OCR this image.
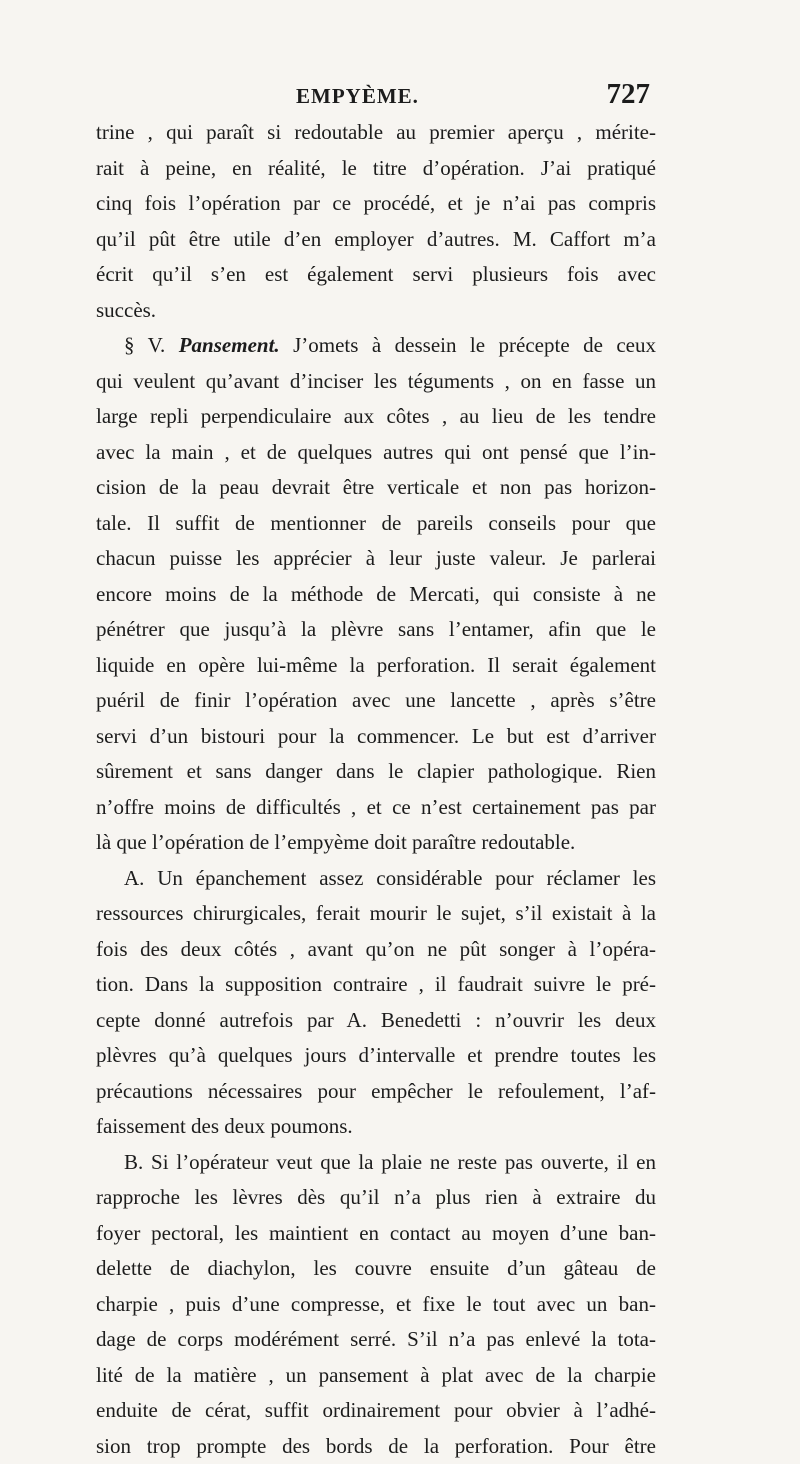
EMPYÈME.	727
trine , qui paraît si redoutable au premier aperçu , mérite-
rait à peine, en réalité, le titre d’opération. J’ai pratiqué
cinq fois l’opération par ce procédé, et je n’ai pas compris
qu’il pût être utile d’en employer d’autres. M. Caffort m’a
écrit qu’il s’en est également servi plusieurs fois avec
succès.
§ V. Pansement. J’omets à dessein le précepte de ceux
qui veulent qu’avant d’inciser les téguments , on en fasse un
large repli perpendiculaire aux côtes , au lieu de les tendre
avec la main , et de quelques autres qui ont pensé que l’in-
cision de la peau devrait être verticale et non pas horizon-
tale. Il suffit de mentionner de pareils conseils pour que
chacun puisse les apprécier à leur juste valeur. Je parlerai
encore moins de la méthode de Mercati, qui consiste à ne
pénétrer que jusqu’à la plèvre sans l’entamer, afin que le
liquide en opère lui-même la perforation. Il serait également
puéril de finir l’opération avec une lancette , après s’être
servi d’un bistouri pour la commencer. Le but est d’arriver
sûrement et sans danger dans le clapier pathologique. Rien
n’offre moins de difficultés , et ce n’est certainement pas par
là que l’opération de l’empyème doit paraître redoutable.
A. Un épanchement assez considérable pour réclamer les
ressources chirurgicales, ferait mourir le sujet, s’il existait à la
fois des deux côtés , avant qu’on ne pût songer à l’opéra-
tion. Dans la supposition contraire , il faudrait suivre le pré-
cepte donné autrefois par A. Benedetti : n’ouvrir les deux
plèvres qu’à quelques jours d’intervalle et prendre toutes les
précautions nécessaires pour empêcher le refoulement, l’af-
faissement des deux poumons.
B. Si l’opérateur veut que la plaie ne reste pas ouverte, il en
rapproche les lèvres dès qu’il n’a plus rien à extraire du
foyer pectoral, les maintient en contact au moyen d’une ban-
delette de diachylon, les couvre ensuite d’un gâteau de
charpie , puis d’une compresse, et fixe le tout avec un ban-
dage de corps modérément serré. S’il n’a pas enlevé la tota-
lité de la matière , un pansement à plat avec de la charpie
enduite de cérat, suffit ordinairement pour obvier à l’adhé-
sion trop prompte des bords de la perforation. Pour être
